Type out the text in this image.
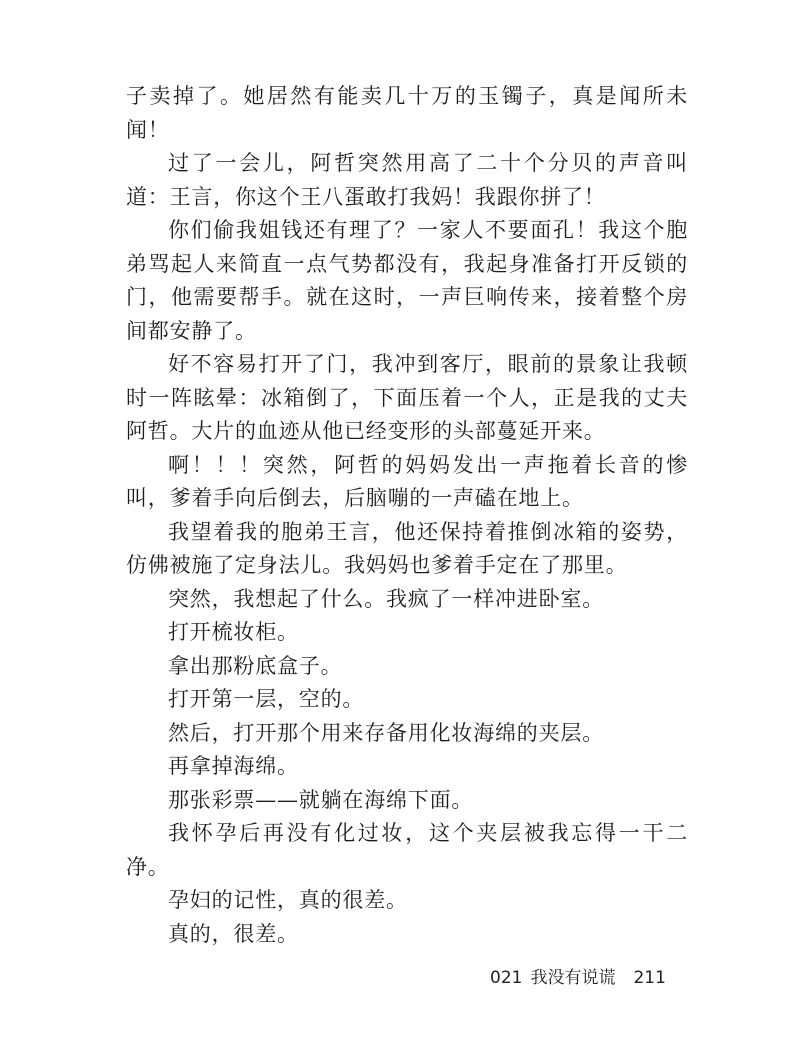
子卖掉了。她居然有能卖几十万的玉镯子，真是闻所未闻！

过了一会儿，阿哲突然用高了二十个分贝的声音叫道：王言，你这个王八蛋敢打我妈！我跟你拼了！

你们偷我姐钱还有理了？一家人不要面孔！我这个胞弟骂起人来简直一点气势都没有，我起身准备打开反锁的门，他需要帮手。就在这时，一声巨响传来，接着整个房间都安静了。

好不容易打开了门，我冲到客厅，眼前的景象让我顿时一阵眩晕：冰箱倒了，下面压着一个人，正是我的丈夫阿哲。大片的血迹从他已经变形的头部蔓延开来。

啊！！！突然，阿哲的妈妈发出一声拖着长音的惨叫，爹着手向后倒去，后脑嘣的一声磕在地上。

我望着我的胞弟王言，他还保持着推倒冰箱的姿势，仿佛被施了定身法儿。我妈妈也爹着手定在了那里。

突然，我想起了什么。我疯了一样冲进卧室。

打开梳妆柜。

拿出那粉底盒子。

打开第一层，空的。

然后，打开那个用来存备用化妆海绵的夹层。

再拿掉海绵。

那张彩票——就躺在海绵下面。

我怀孕后再没有化过妆，这个夹层被我忘得一干二净。

孕妇的记性，真的很差。

真的，很差。

021 我没有说谎 211
